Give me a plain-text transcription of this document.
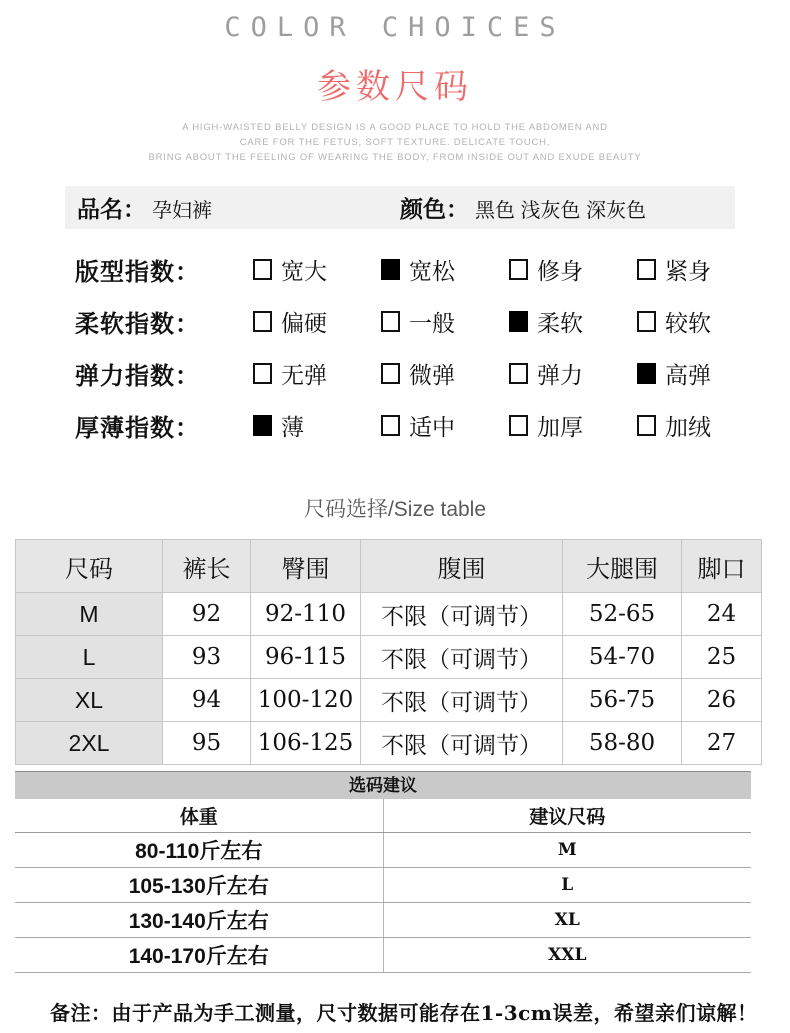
COLOR CHOICES
参数尺码
A HIGH-WAISTED BELLY DESIGN IS A GOOD PLACE TO HOLD THE ABDOMEN AND
CARE FOR THE FETUS, SOFT TEXTURE. DELICATE TOUCH,
BRING ABOUT THE FEELING OF WEARING THE BODY, FROM INSIDE OUT AND EXUDE BEAUTY
品名： 孕妇裤	颜色： 黑色 浅灰色 深灰色
版型指数：	宽大	宽松	修身	紧身
柔软指数：	偏硬	一般	柔软	较软
弹力指数：	无弹	微弹	弹力	高弹
厚薄指数：	薄	适中	加厚	加绒
尺码选择/Size table
尺码	裤长	臀围	腹围	大腿围	脚口
M	92	92-110	不限（可调节）	52-65	24
L	93	96-115	不限（可调节）	54-70	25
XL	94	100-120	不限（可调节）	56-75	26
2XL	95	106-125	不限（可调节）	58-80	27
选码建议
体重	建议尺码
80-110斤左右	M
105-130斤左右	L
130-140斤左右	XL
140-170斤左右	XXL
备注：由于产品为手工测量，尺寸数据可能存在1-3cm误差，希望亲们谅解！
